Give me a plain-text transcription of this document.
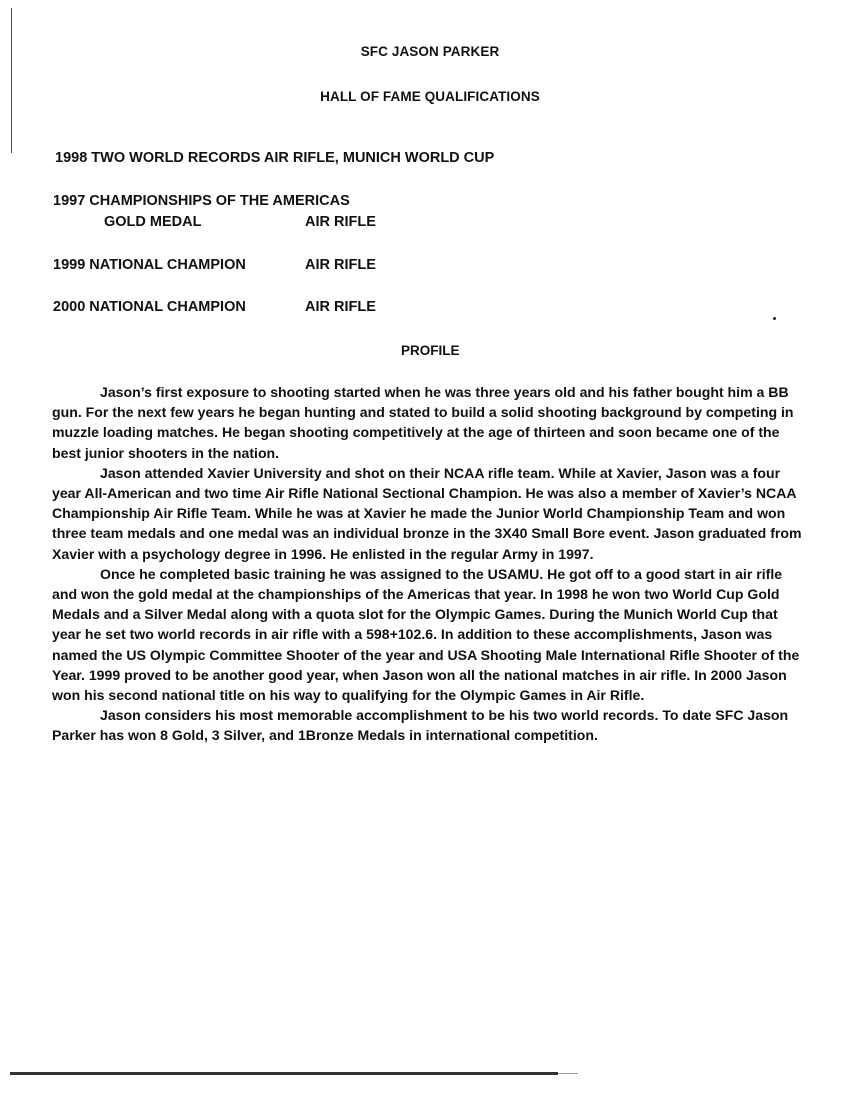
SFC JASON PARKER
HALL OF FAME QUALIFICATIONS
1998 TWO WORLD RECORDS AIR RIFLE, MUNICH WORLD CUP
1997 CHAMPIONSHIPS OF THE AMERICAS
GOLD MEDAL	AIR RIFLE
1999 NATIONAL CHAMPION	AIR RIFLE
2000 NATIONAL CHAMPION	AIR RIFLE
PROFILE

Jason’s first exposure to shooting started when he was three years old and his father bought him a BB gun. For the next few years he began hunting and stated to build a solid shooting background by competing in muzzle loading matches. He began shooting competitively at the age of thirteen and soon became one of the best junior shooters in the nation.

Jason attended Xavier University and shot on their NCAA rifle team. While at Xavier, Jason was a four year All-American and two time Air Rifle National Sectional Champion. He was also a member of Xavier’s NCAA Championship Air Rifle Team. While he was at Xavier he made the Junior World Championship Team and won three team medals and one medal was an individual bronze in the 3X40 Small Bore event. Jason graduated from Xavier with a psychology degree in 1996. He enlisted in the regular Army in 1997.

Once he completed basic training he was assigned to the USAMU. He got off to a good start in air rifle and won the gold medal at the championships of the Americas that year. In 1998 he won two World Cup Gold Medals and a Silver Medal along with a quota slot for the Olympic Games. During the Munich World Cup that year he set two world records in air rifle with a 598+102.6. In addition to these accomplishments, Jason was named the US Olympic Committee Shooter of the year and USA Shooting Male International Rifle Shooter of the Year. 1999 proved to be another good year, when Jason won all the national matches in air rifle. In 2000 Jason won his second national title on his way to qualifying for the Olympic Games in Air Rifle.

Jason considers his most memorable accomplishment to be his two world records. To date SFC Jason Parker has won 8 Gold, 3 Silver, and 1Bronze Medals in international competition.
